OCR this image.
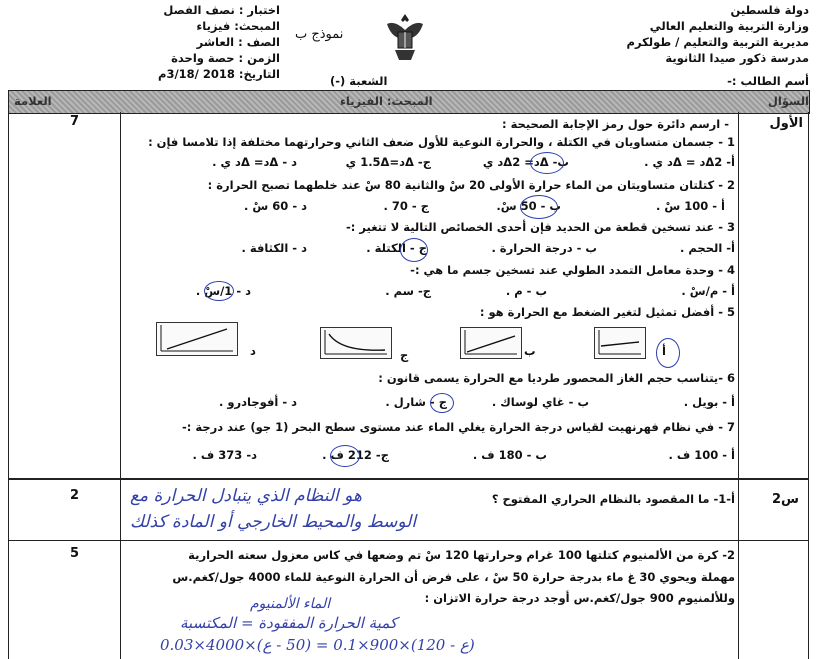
دولة فلسطين
وزارة التربية والتعليم العالي
مديرية التربية والتعليم / طولكرم
مدرسة ذكور صيدا الثانوية
نموذج ب
اختبار : نصف الفصل
المبحث: فيزياء
الصف : العاشر
الزمن : حصة واحدة
التاريخ: 2018 /3/18م	أسم الطالب :-
الشعبة (-)
السؤال
المبحث: الفيزياء
العلامة
الأول
7	- ارسم دائرة حول رمز الإجابة الصحيحة :
1 - جسمان متساويان في الكتلة ، والحرارة النوعية للأول ضعف الثاني وحرارتهما مختلفة إذا تلامسا فإن :
أ- Δ2د = Δد ي .
ب- Δد= Δ2د ي
ج- Δد=1.5Δ ي
د - Δد= Δد ي .
2 - كتلتان متساويتان من الماء حرارة الأولى 20 سْ والثانية 80 سْ عند خلطهما تصبح الحرارة :
أ - 100 سْ .
ب - 50 سْ.
ج - 70 .
د - 60 سْ .
3 - عند تسخين قطعة من الحديد فإن أحدى الخصائص التالية لا تتغير :-
أ- الحجم .
ب - درجة الحرارة .
ج - الكتلة .
د - الكثافة .
4 - وحدة معامل التمدد الطولي عند تسخين جسم ما هي :-
أ - م/سْ .
ب - م .
ج- سم .
د - 1/سْ .
5 - أفضل تمثيل لتغير الضغط مع الحرارة هو :
أ
ب
ج
د
6 -يتناسب حجم الغاز المحصور طرديا مع الحرارة يسمى قانون :
أ - بويل .
ب - غاي لوساك .
ج - شارل .
د - أفوجادرو .
7 - في نظام فهرنهيت لقياس درجة الحرارة يغلي الماء عند مستوى سطح البحر (1 جو) عند درجة :-
أ - 100 ف .
ب - 180 ف .
ج- 212 ف .
د- 373 ف .
س2
2	أ-1- ما المقصود بالنظام الحراري المفتوح ؟
هو النظام الذي يتبادل الحرارة مع
الوسط والمحيط الخارجي أو المادة كذلك
5	2- كرة من الألمنيوم كتلتها 100 غرام وحرارتها 120 سْ تم وضعها في كاس معزول سعته الحرارية
مهملة ويحوي 30 غ ماء بدرجة حرارة 50 سْ ، على فرض أن الحرارة النوعية للماء 4000 جول/كغم.س
وللألمنيوم 900 جول/كغم.س أوجد درجة حرارة الاتزان :
الماء الألمنيوم
كمية الحرارة المفقودة = المكتسبة
(ع - 120)×900×0.1 = (50 - ع)×4000×0.03
